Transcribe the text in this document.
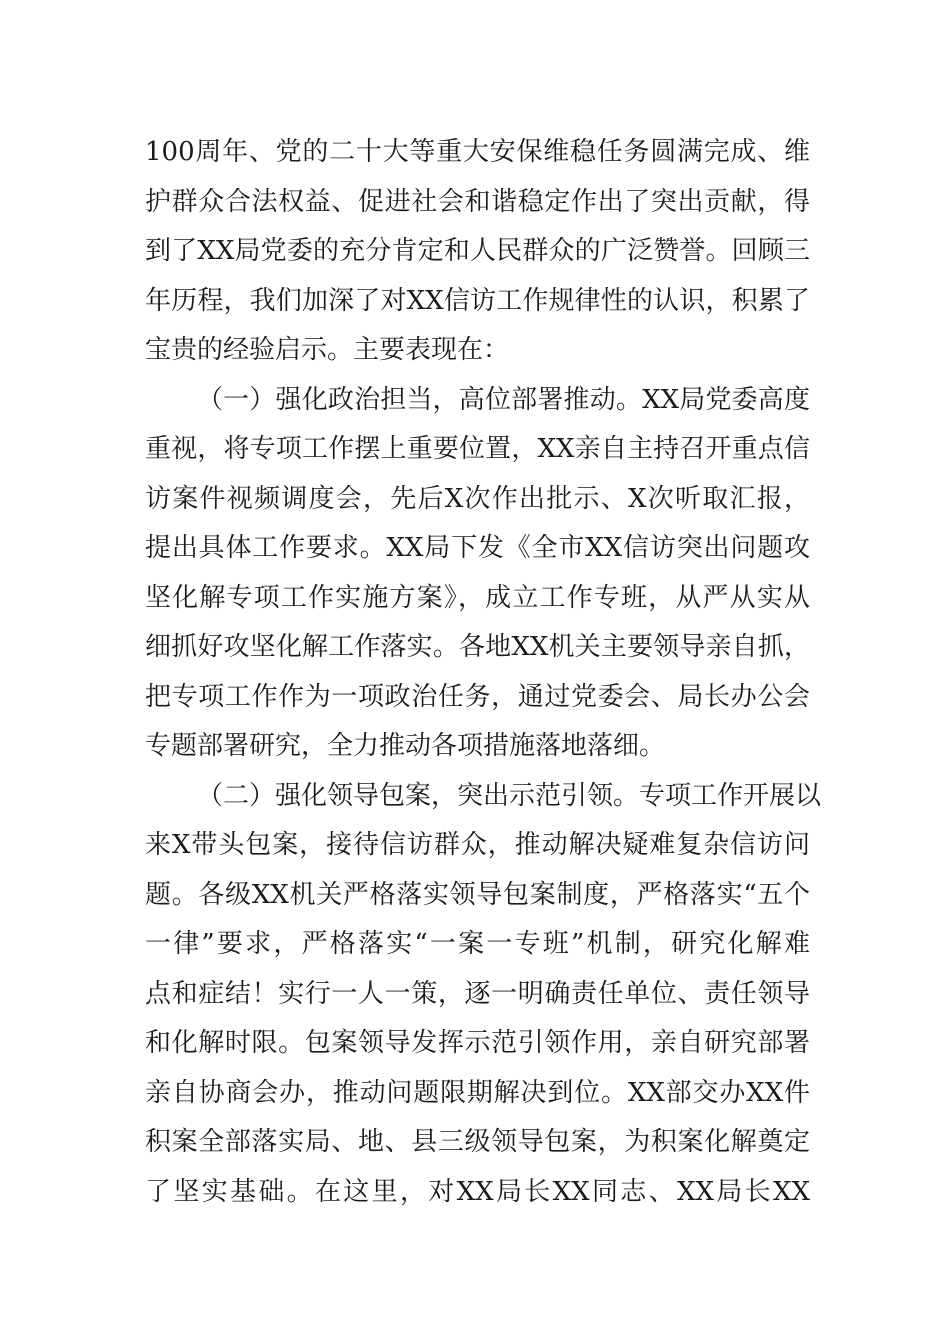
100周年、党的二十大等重大安保维稳任务圆满完成、维
护群众合法权益、促进社会和谐稳定作出了突出贡献，得
到了XX局党委的充分肯定和人民群众的广泛赞誉。回顾三
年历程，我们加深了对XX信访工作规律性的认识，积累了
宝贵的经验启示。主要表现在：
（一）强化政治担当，高位部署推动。XX局党委高度
重视，将专项工作摆上重要位置，XX亲自主持召开重点信
访案件视频调度会，先后X次作出批示、X次听取汇报，
提出具体工作要求。XX局下发《全市XX信访突出问题攻
坚化解专项工作实施方案》，成立工作专班，从严从实从
细抓好攻坚化解工作落实。各地XX机关主要领导亲自抓，
把专项工作作为一项政治任务，通过党委会、局长办公会
专题部署研究，全力推动各项措施落地落细。
（二）强化领导包案，突出示范引领。专项工作开展以
来X带头包案，接待信访群众，推动解决疑难复杂信访问
题。各级XX机关严格落实领导包案制度，严格落实“五个
一律”要求，严格落实“一案一专班”机制，研究化解难
点和症结！实行一人一策，逐一明确责任单位、责任领导
和化解时限。包案领导发挥示范引领作用，亲自研究部署
亲自协商会办，推动问题限期解决到位。XX部交办XX件
积案全部落实局、地、县三级领导包案，为积案化解奠定
了坚实基础。在这里，对XX局长XX同志、XX局长XX
